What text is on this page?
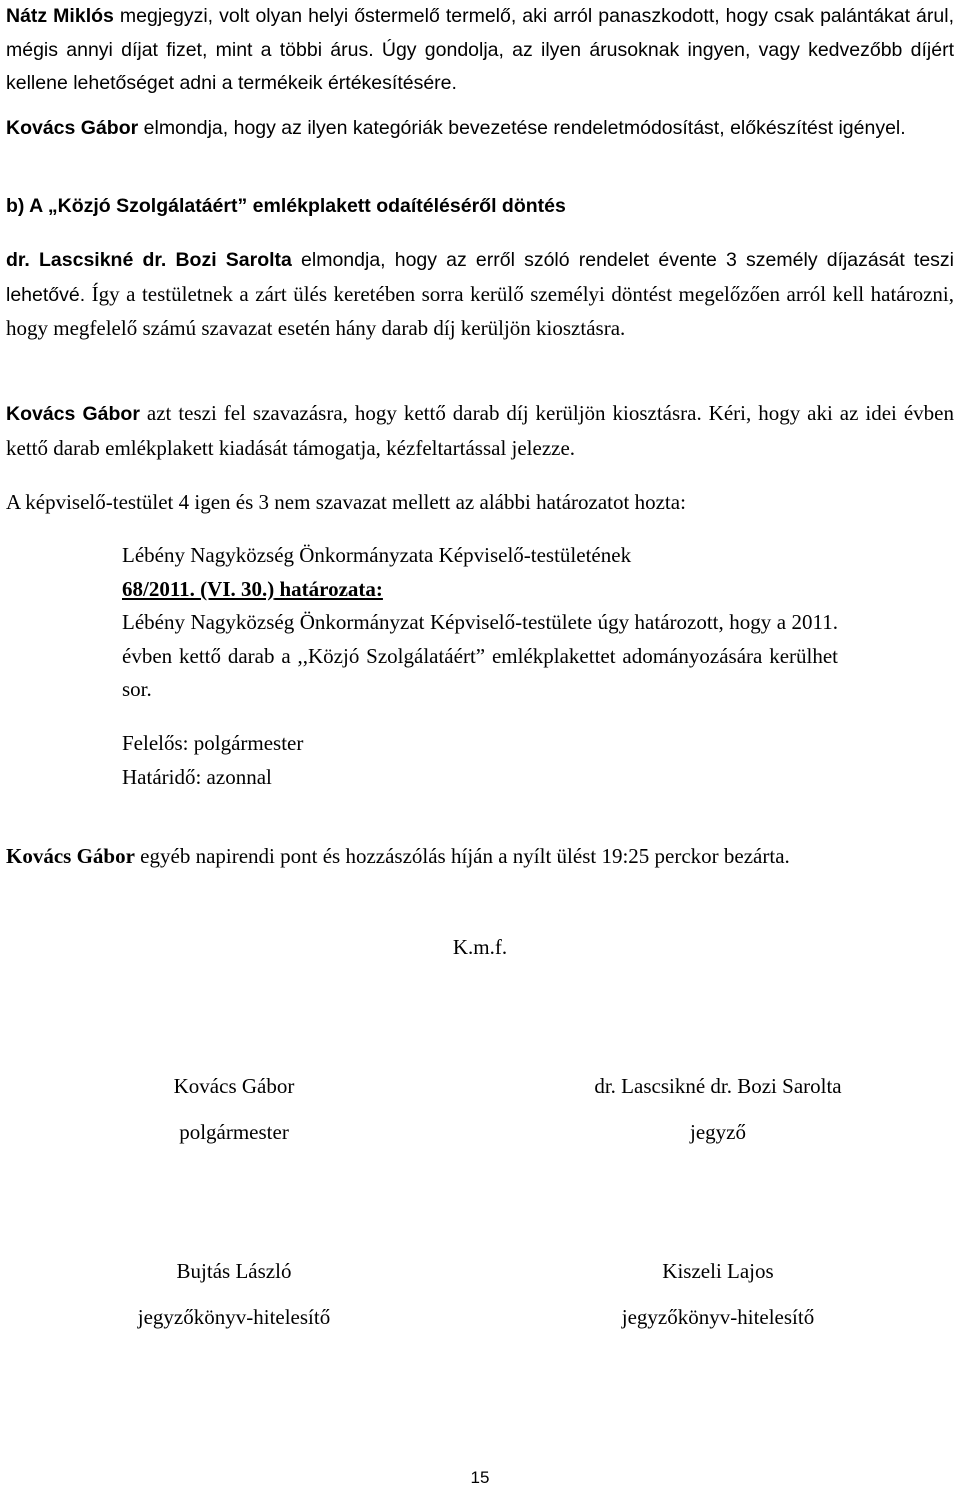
Nátz Miklós megjegyzi, volt olyan helyi őstermelő termelő, aki arról panaszkodott, hogy csak palántákat árul, mégis annyi díjat fizet, mint a többi árus. Úgy gondolja, az ilyen árusoknak ingyen, vagy kedvezőbb díjért kellene lehetőséget adni a termékeik értékesítésére.

Kovács Gábor elmondja, hogy az ilyen kategóriák bevezetése rendeletmódosítást, előkészítést igényel.

b) A „Közjó Szolgálatáért” emlékplakett odaítéléséről döntés

dr. Lascsikné dr. Bozi Sarolta elmondja, hogy az erről szóló rendelet évente 3 személy díjazását teszi lehetővé. Így a testületnek a zárt ülés keretében sorra kerülő személyi döntést megelőzően arról kell határozni, hogy megfelelő számú szavazat esetén hány darab díj kerüljön kiosztásra.

Kovács Gábor azt teszi fel szavazásra, hogy kettő darab díj kerüljön kiosztásra. Kéri, hogy aki az idei évben kettő darab emlékplakett kiadását támogatja, kézfeltartással jelezze.

A képviselő-testület 4 igen és 3 nem szavazat mellett az alábbi határozatot hozta:

Lébény Nagyközség Önkormányzata Képviselő-testületének
68/2011. (VI. 30.) határozata:
Lébény Nagyközség Önkormányzat Képviselő-testülete úgy határozott, hogy a 2011. évben kettő darab a ,,Közjó Szolgálatáért” emlékplakettet adományozására kerülhet sor.
Felelős: polgármester
Határidő: azonnal

Kovács Gábor egyéb napirendi pont és hozzászólás híján a nyílt ülést 19:25 perckor bezárta.

K.m.f.
Kovács Gábor
polgármester
dr. Lascsikné dr. Bozi Sarolta
jegyző
Bujtás László
jegyzőkönyv-hitelesítő
Kiszeli Lajos
jegyzőkönyv-hitelesítő
15
